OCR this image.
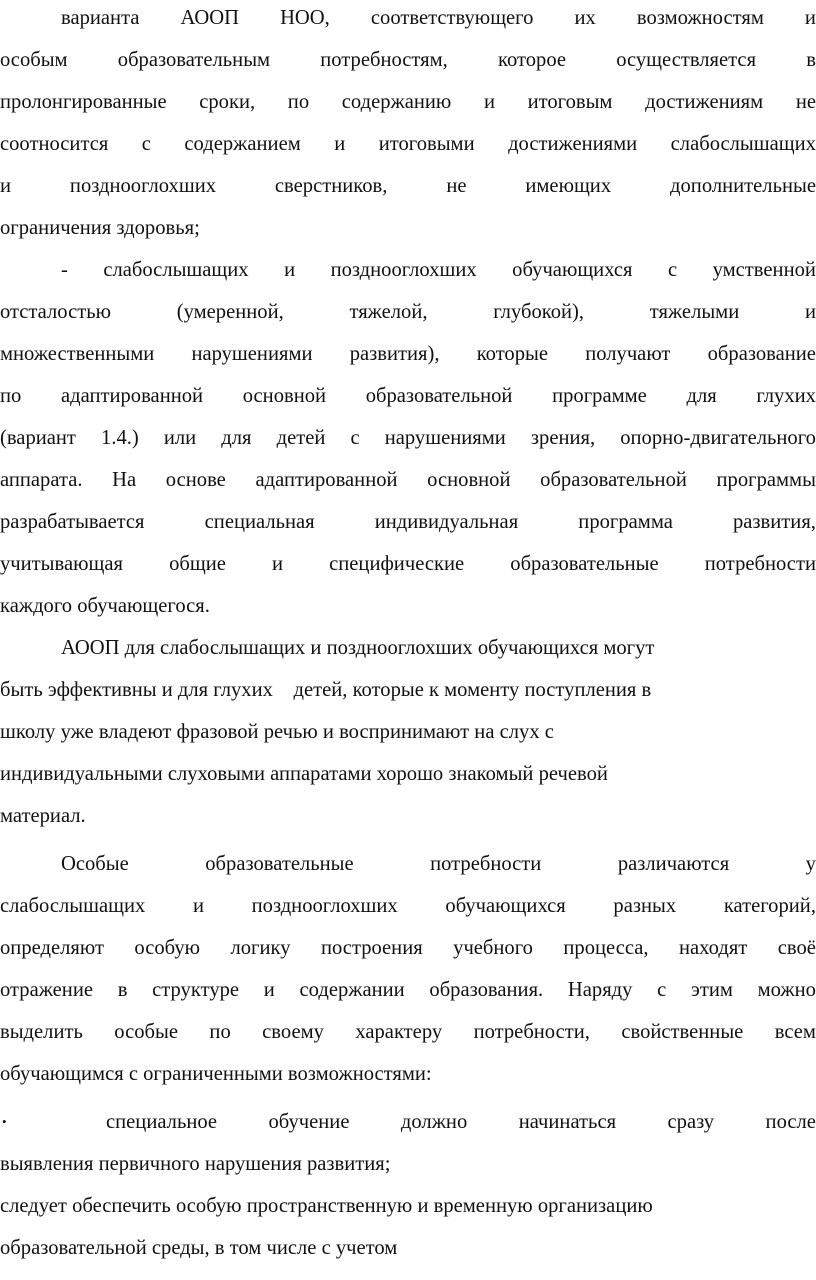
варианта АООП НОО, соответствующего их возможностям и
особым образовательным потребностям, которое осуществляется в
пролонгированные сроки, по содержанию и итоговым достижениям не
соотносится с содержанием и итоговыми достижениями слабослышащих
и	позднооглохших	сверстников,	не	имеющих	дополнительные
ограничения здоровья;
- слабослышащих и позднооглохших обучающихся с умственной
отсталостью	(умеренной,	тяжелой,	глубокой),	тяжелыми	и
множественными нарушениями развития), которые получают образование
по адаптированной основной образовательной программе для глухих
(вариант 1.4.) или для детей с нарушениями зрения, опорно-двигательного
аппарата. На основе адаптированной основной образовательной программы
разрабатывается	специальная	индивидуальная	программа	развития,
учитывающая общие и специфические образовательные потребности
каждого обучающегося.
АООП для слабослышащих и позднооглохших обучающихся могут
быть эффективны и для глухих    детей, которые к моменту поступления в
школу уже владеют фразовой речью и воспринимают на слух с
индивидуальными слуховыми аппаратами хорошо знакомый речевой
материал.
Особые	образовательные	потребности	различаются	у
слабослышащих и позднооглохших обучающихся разных категорий,
определяют особую логику построения учебного процесса, находят своё
отражение в структуре и содержании образования. Наряду с этим можно
выделить особые по своему характеру потребности, свойственные всем
обучающимся с ограниченными возможностями:
•	специальное обучение должно начинаться сразу после
выявления первичного нарушения развития;
следует обеспечить особую пространственную и временную организацию
образовательной среды, в том числе с учетом
